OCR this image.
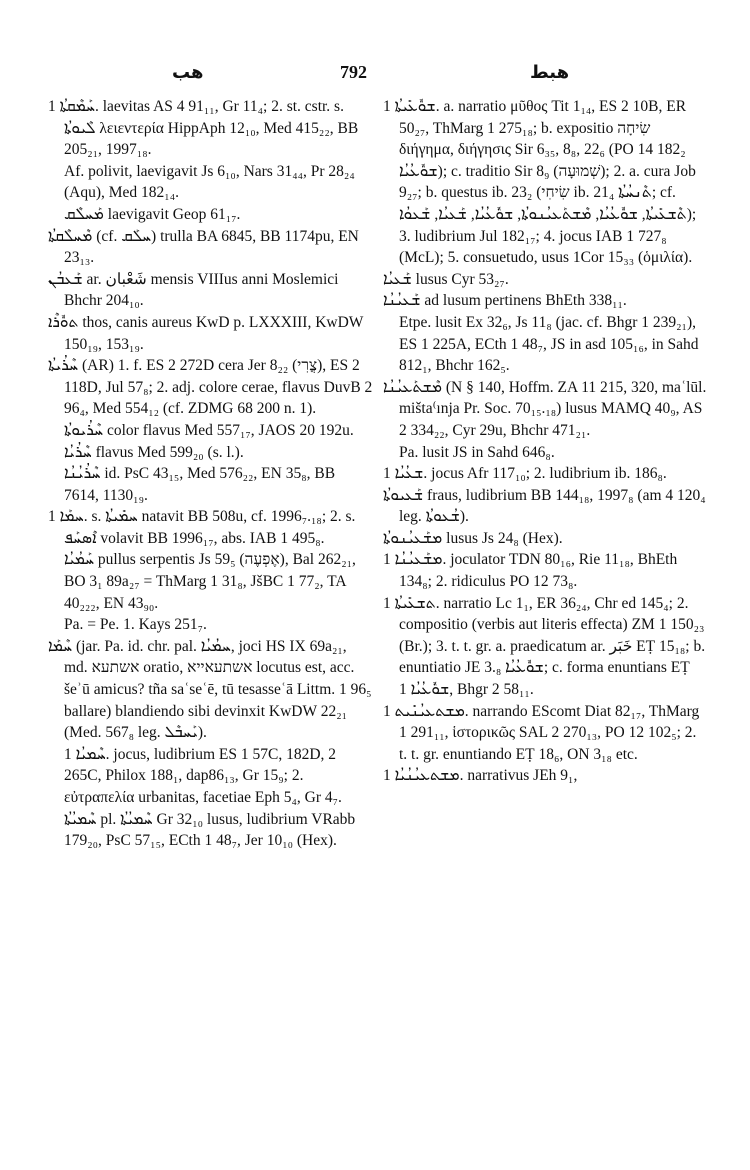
ﻫﺐ	792	ﻫﺒﻂ

ܚܰܡܶܩܬܳܐ 1. laevitas AS 4 91₁₁, Gr 11₄; 2. st. cstr. s. ܠܶܝܘܬܳܐ λειεντερία HippAph 12₁₀, Med 415₂₂, BB 205₂₁, 1997₁₈.

Af. polivit, laevigavit Js 6₁₀, Nars 31₄₄, Pr 28₂₄ (Aqu), Med 182₁₄.

ܡܰܚܠܶܩ laevigavit Geop 61₁₇.

ܡܶܚܠܶܩܬܳܐ (cf. ܚܠܰܩ) trulla BA 6845, BB 1174pu, EN 23₁₃.

ܫܰܥܒܳܢ ar. شَعْبان mensis VIIIus anni Moslemici Bhchr 204₁₀.

ܬܘܽܪܶܐ thos, canis aureus KwD p. LXXXIII, KwDW 150₁₉, 153₁₉.

ܚܶܪܳܝܬܳܐ (AR) 1. f. ES 2 272D cera Jer 8₂₂ (צֳרִי), ES 2 118D, Jul 57₈; 2. adj. colore cerae, flavus DuvB 2 96₄, Med 554₁₂ (cf. ZDMG 68 200 n. 1).

ܚܶܪܳܝܘܬܳܐ color flavus Med 557₁₇, JAOS 20 192u.

ܚܶܪܳܝܳܐ flavus Med 599₂₀ (s. l.).

ܚܶܪܳܝܳܢܳܐ id. PsC 43₁₅, Med 576₂₂, EN 35₈, BB 7614, 1130₁₉.

ܚܡܰܐ 1. s. ܚܡܺܝܬܳܐ natavit BB 508u, cf. 1996₇.₁₈; 2. s. ܐܶܣܚܰܦ volavit BB 1996₁₇, abs. IAB 1 495₈.

ܚܰܡܳܝܳܐ pullus serpentis Js 59₅ (אֶפְעֶה), Bal 262₂₁, BO 3₁ 89a₂₇ = ThMarg 1 31₈, JšBC 1 77₂, TA 40₂₂₂, EN 43₉₀.

Pa. = Pe. 1. Kays 251₇.

ܚܶܡܰܐ (jar. Pa. id. chr. pal. ܚܡܳܝܳܐ, joci HS IX 69a₂₁, md. אשתעא oratio, אשתעאייא locutus est, acc. šeʾū amicus? tña saʿseʿē, tū tesasseʿā Littm. 1 96₅ ballare) blandiendo sibi devinxit KwDW 22₂₁ (Med. 567₈ leg. ܝܰܚܒܶܠ).

ܚܶܡܝܳܐ 1. jocus, ludibrium ES 1 57C, 182D, 2 265C, Philox 188₁, dap86₁₃, Gr 15₉; 2. εὐτραπελία urbanitas, facetiae Eph 5₄, Gr 4₇.

ܚܶܡܝܳܬܳܐ pl. ܚܶܡܝܳܬܳܐ Gr 32₁₀ lusus, ludibrium VRabb 179₂₀, PsC 57₁₅, ECth 1 48₇, Jer 10₁₀ (Hex).

ܫܘܽܥܺܝܬܳܐ 1. a. narratio μῦθος Tit 1₁₄, ES 2 10B, ER 50₂₇, ThMarg 1 275₁₈; b. expositio שִׂיחָה διήγημα, διήγησις Sir 6₃₅, 8₈, 22₆ (PO 14 182₂ ܫܘܽܥܳܝܳܐ); c. traditio Sir 8₉ (שְׁמוּעָה); 2. a. cura Job 9₂₇; b. questus ib. 23₂ (שִׂיחִי ib. 21₄ ܬܶܢܚܳܬܳܐ; cf. ܬܶܫܥܺܝܬܳܐ, ܫܘܽܥܳܝܳܐ, ܡܶܫܬܰܥܝܳܢܘܬܳܐ, ܫܘܽܥܳܝܳܐ, ܫܰܥܝܳܐ, ܫܰܥܘܳܐ); 3. ludibrium Jul 182₁₇; 4. jocus IAB 1 727₈ (McL); 5. consuetudo, usus 1Cor 15₃₃ (ὁμιλία).

ܫܰܥܝܳܐ lusus Cyr 53₂₇.

ܫܰܥܝܳܢܳܐ ad lusum pertinens BhEth 338₁₁.

Etpe. lusit Ex 32₆, Js 11₈ (jac. cf. Bhgr 1 239₂₁), ES 1 225A, ECth 1 48₇, JS in asd 105₁₆, in Sahd 812₁, Bhchr 162₅.

ܡܶܫܬܰܥܝܳܢܳܐ (N § 140, Hoffm. ZA 11 215, 320, maʿlūl. mišta⁽ınja Pr. Soc. 70₁₅.₁₈) lusus MAMQ 40₉, AS 2 334₂₂, Cyr 29u, Bhchr 471₂₁.

Pa. lusit JS in Sahd 646₈.

ܫܥܳܝܳܐ 1. jocus Afr 117₁₀; 2. ludibrium ib. 186₈.

ܫܰܥܝܘܬܳܐ fraus, ludibrium BB 144₁₈, 1997₈ (am 4 120₄ leg. ܫܳܥܘܬܳܐ).

ܡܫܰܥܝܳܢܘܬܳܐ lusus Js 24₈ (Hex).

ܡܫܰܥܝܳܢܳܐ 1. joculator TDN 80₁₆, Rie 11₁₈, BhEth 134₈; 2. ridiculus PO 12 73₈.

ܬܫܥܺܝܬܳܐ 1. narratio Lc 1₁, ER 36₂₄, Chr ed 145₄; 2. compositio (verbis aut literis effecta) ZM 1 150₂₃ (Br.); 3. t. t. gr. a. praedicatum ar. خَبَر EṬ 15₁₈; b. enuntiatio JE ܫܘܽܥܳܝܳܐ 3.₈; c. forma enuntians EṬ ܫܘܽܥܳܝܳܐ 1, Bhgr 2 58₁₁.

ܡܫܬܥܝܳܢܺܝܬ 1. narrando EScomt Diat 82₁₇, ThMarg 1 291₁₁, ἱστορικῶς SAL 2 270₁₃, PO 12 102₅; 2. t. t. gr. enuntiando EṬ 18₆, ON 3₁₈ etc.

ܡܫܬܥܝܳܢܳܝܳܐ 1. narrativus JEh 9₁,
